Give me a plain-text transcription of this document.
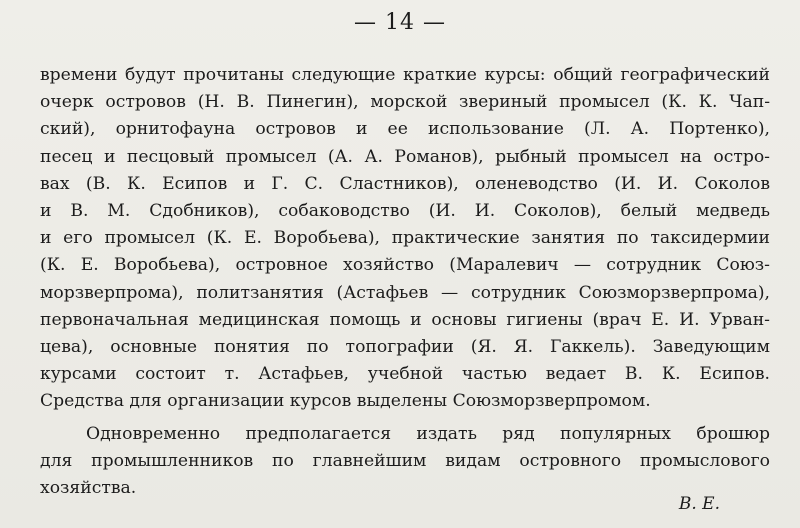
— 14 —
времени будут прочитаны следующие краткие курсы: общий географический
очерк островов (Н. В. Пинегин), морской звериный промысел (К. К. Чап-
ский), орнитофауна островов и ее использование (Л. А. Портенко),
песец и песцовый промысел (А. А. Романов), рыбный промысел на остро-
вах (В. К. Есипов и Г. С. Сластников), оленеводство (И. И. Соколов
и В. М. Сдобников), собаководство (И. И. Соколов), белый медведь
и его промысел (К. Е. Воробьева), практические занятия по таксидермии
(К. Е. Воробьева), островное хозяйство (Маралевич — сотрудник Союз-
морзверпрома), политзанятия (Астафьев — сотрудник Союзморзверпрома),
первоначальная медицинская помощь и основы гигиены (врач Е. И. Урван-
цева), основные понятия по топографии (Я. Я. Гаккель). Заведующим
курсами состоит т. Астафьев, учебной частью ведает В. К. Есипов.
Средства для организации курсов выделены Союзморзверпромом.
Одновременно предполагается издать ряд популярных брошюр
для промышленников по главнейшим видам островного промыслового
хозяйства.
В. Е.
